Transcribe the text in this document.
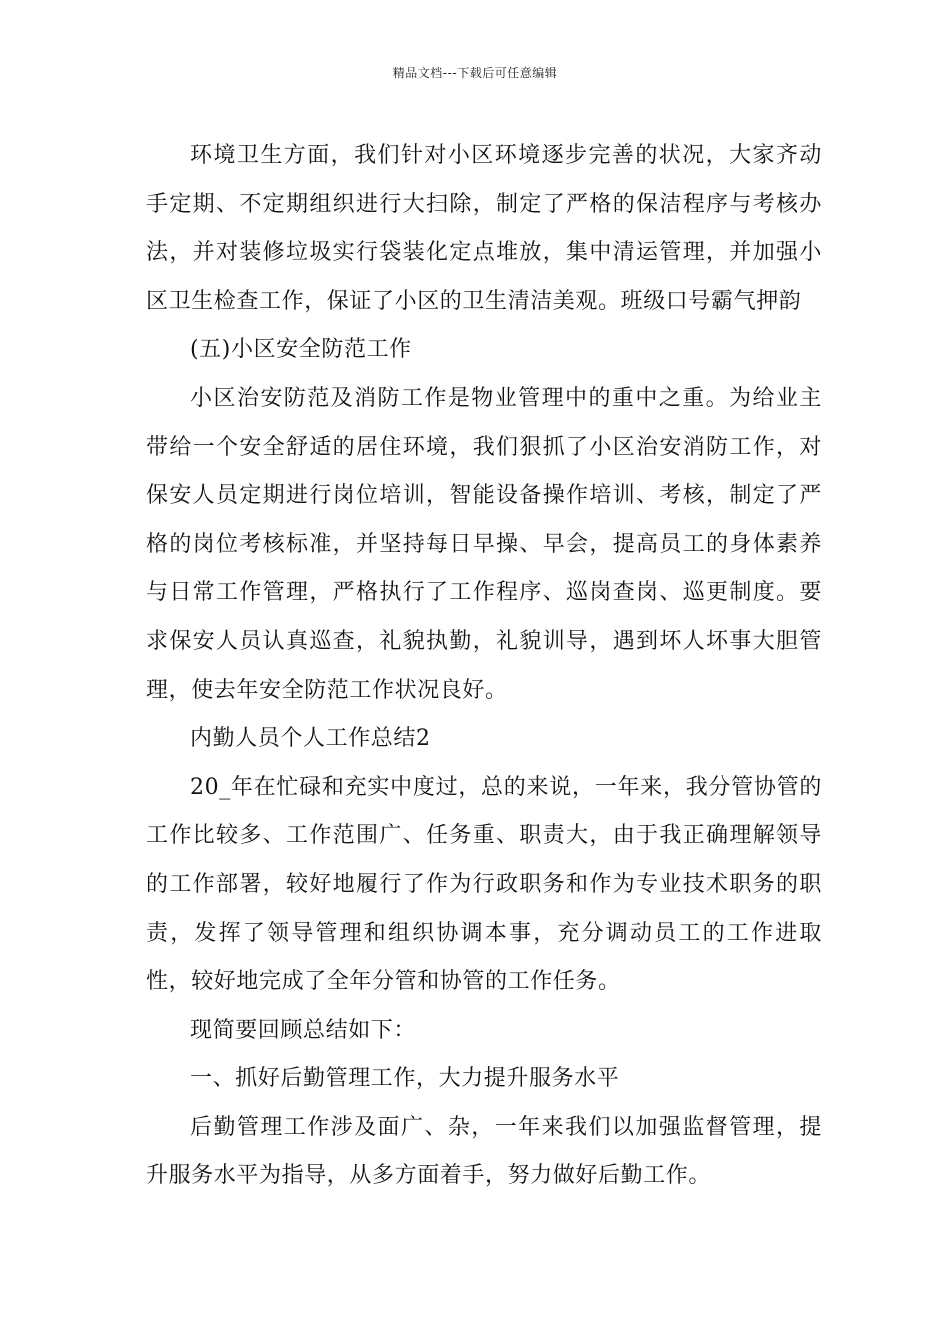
精品文档---下载后可任意编辑

环境卫生方面，我们针对小区环境逐步完善的状况，大家齐动手定期、不定期组织进行大扫除，制定了严格的保洁程序与考核办法，并对装修垃圾实行袋装化定点堆放，集中清运管理，并加强小区卫生检查工作，保证了小区的卫生清洁美观。班级口号霸气押韵

(五)小区安全防范工作

小区治安防范及消防工作是物业管理中的重中之重。为给业主带给一个安全舒适的居住环境，我们狠抓了小区治安消防工作，对保安人员定期进行岗位培训，智能设备操作培训、考核，制定了严格的岗位考核标准，并坚持每日早操、早会，提高员工的身体素养与日常工作管理，严格执行了工作程序、巡岗查岗、巡更制度。要求保安人员认真巡查，礼貌执勤，礼貌训导，遇到坏人坏事大胆管理，使去年安全防范工作状况良好。

内勤人员个人工作总结2

20_年在忙碌和充实中度过，总的来说，一年来，我分管协管的工作比较多、工作范围广、任务重、职责大，由于我正确理解领导的工作部署，较好地履行了作为行政职务和作为专业技术职务的职责，发挥了领导管理和组织协调本事，充分调动员工的工作进取性，较好地完成了全年分管和协管的工作任务。

现简要回顾总结如下：

一、抓好后勤管理工作，大力提升服务水平

后勤管理工作涉及面广、杂，一年来我们以加强监督管理，提升服务水平为指导，从多方面着手，努力做好后勤工作。
